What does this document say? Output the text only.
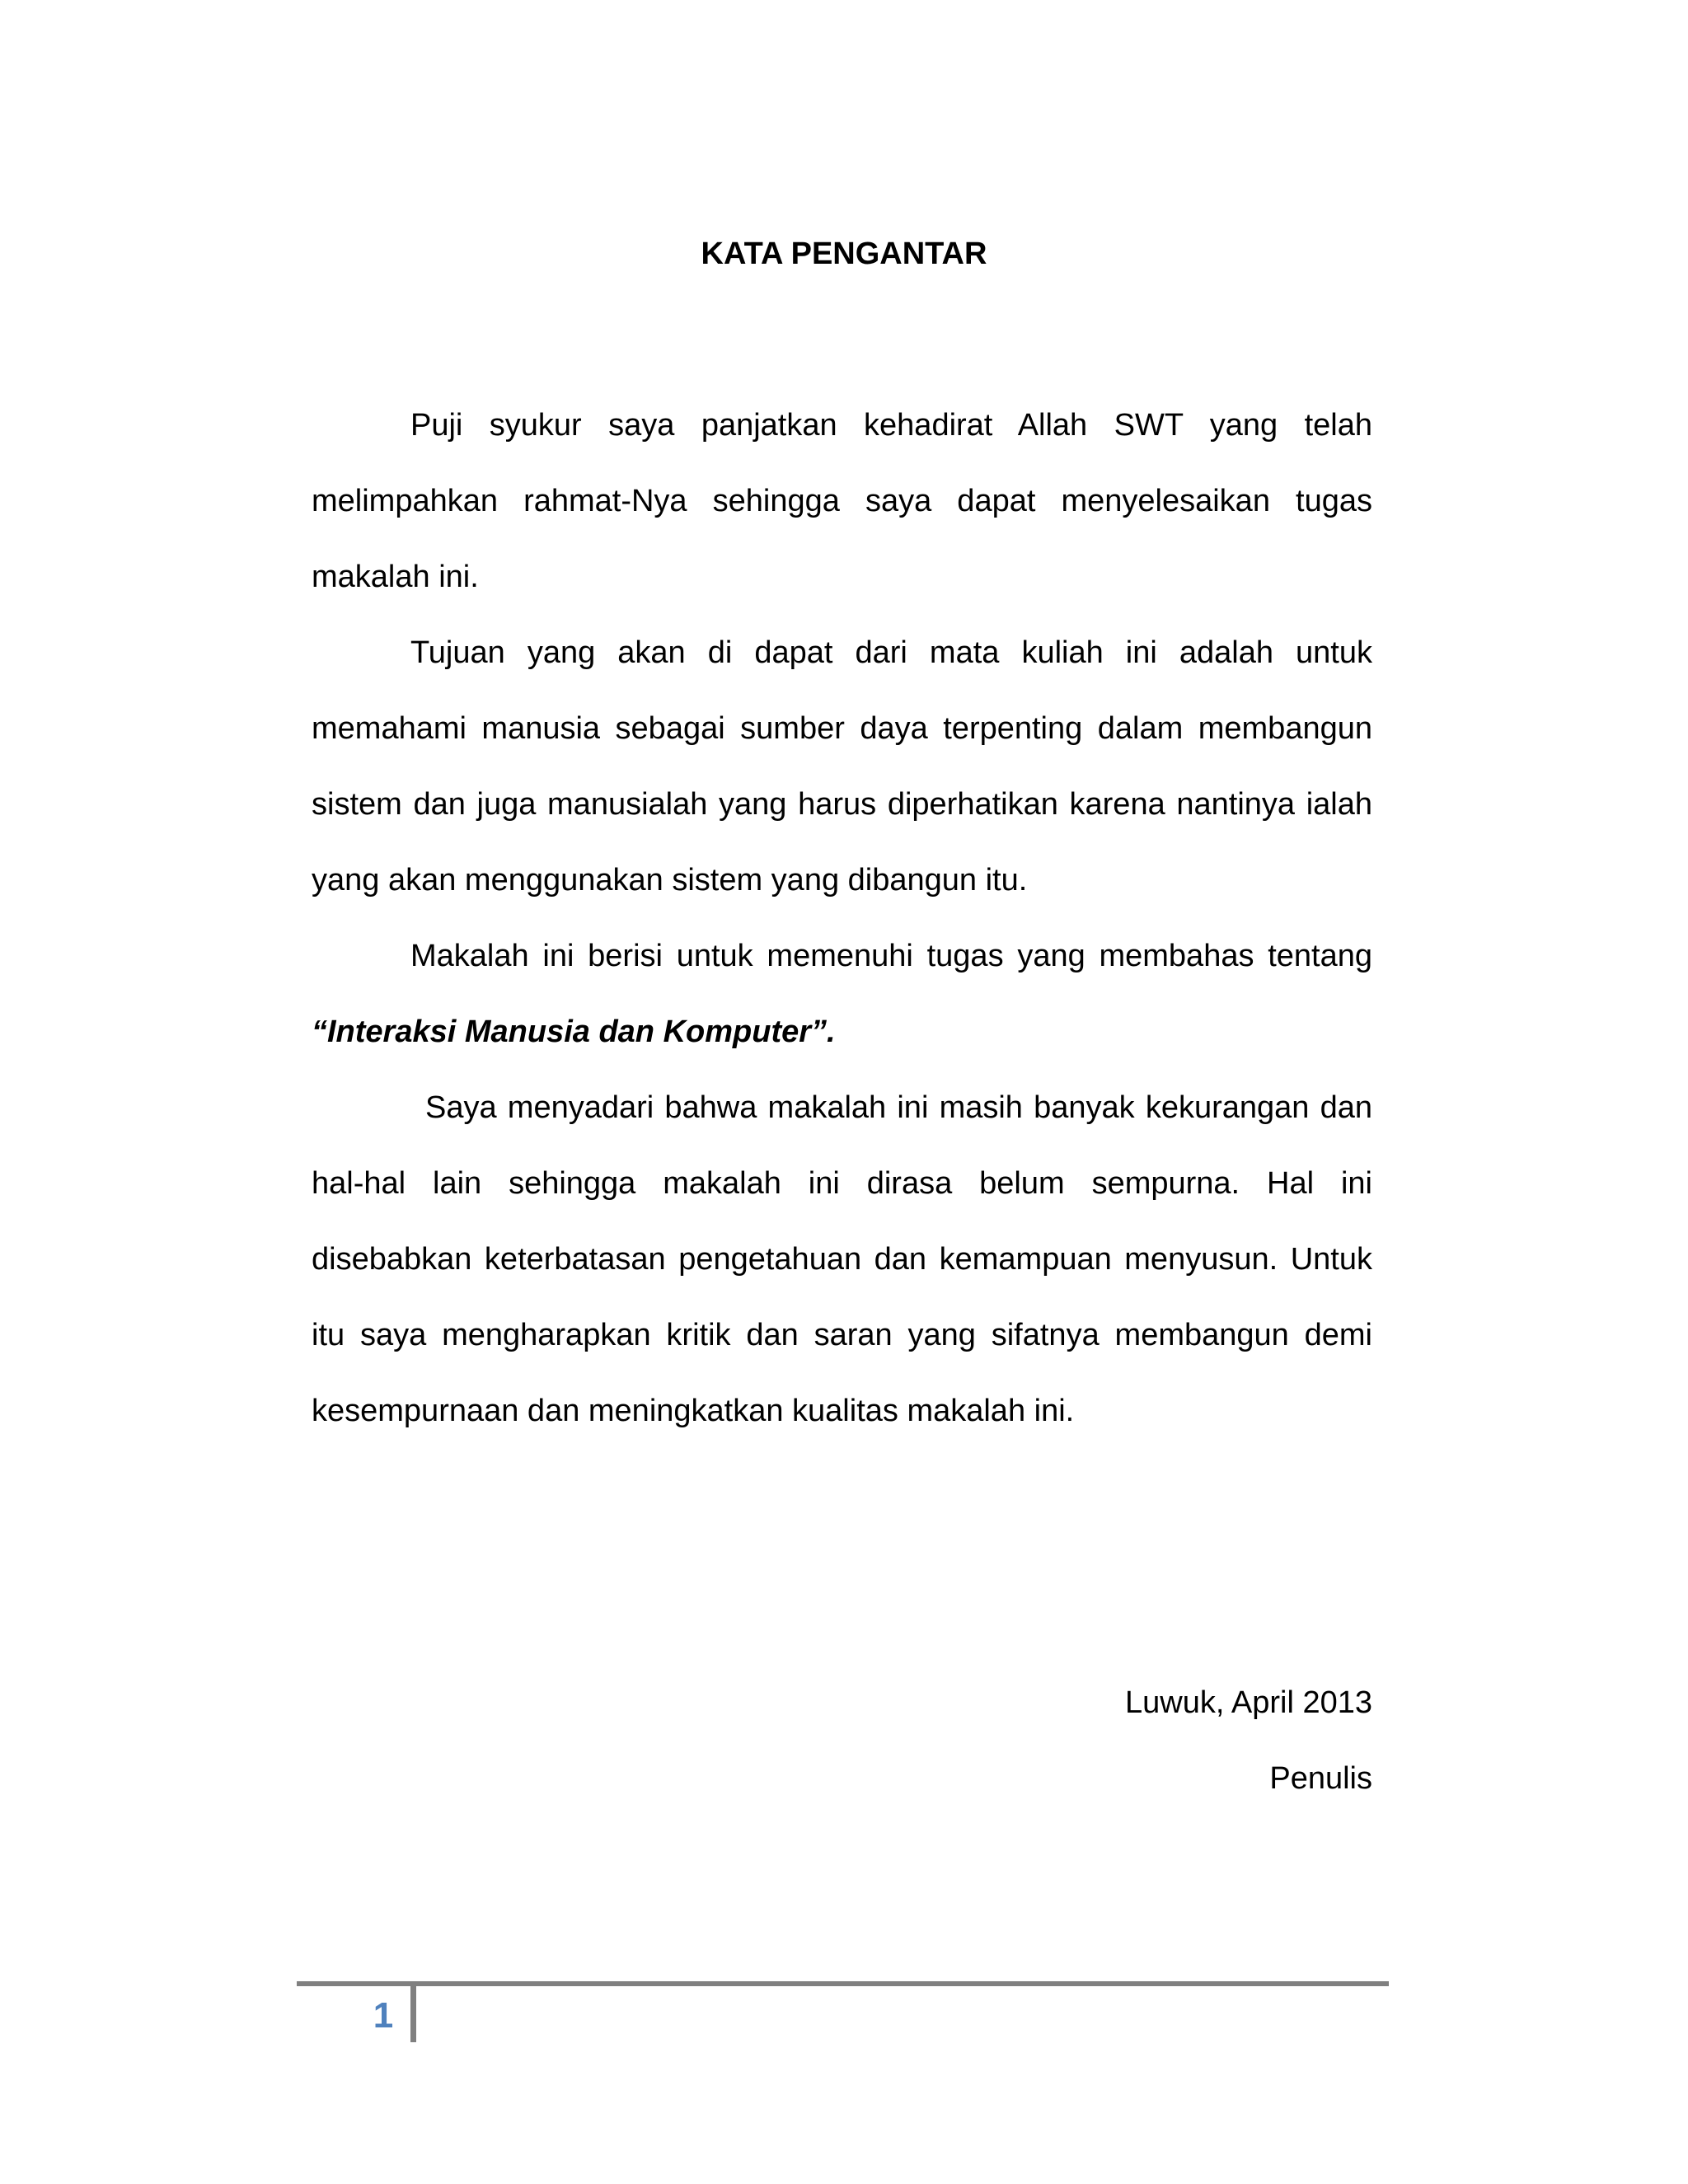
KATA PENGANTAR

Puji syukur saya panjatkan kehadirat Allah SWT yang telah melimpahkan rahmat-Nya sehingga saya dapat menyelesaikan tugas makalah ini.

Tujuan yang akan di dapat dari mata kuliah ini adalah untuk memahami manusia sebagai sumber daya terpenting dalam membangun sistem dan juga manusialah yang harus diperhatikan karena nantinya ialah yang akan menggunakan sistem yang dibangun itu.

Makalah ini berisi untuk memenuhi tugas yang membahas tentang “Interaksi Manusia dan Komputer”.

Saya menyadari bahwa makalah ini masih banyak kekurangan dan hal-hal lain sehingga makalah ini dirasa belum sempurna. Hal ini disebabkan keterbatasan pengetahuan dan kemampuan menyusun. Untuk itu saya mengharapkan kritik dan saran yang sifatnya membangun demi kesempurnaan dan meningkatkan kualitas makalah ini.

Luwuk, April 2013
Penulis
1
